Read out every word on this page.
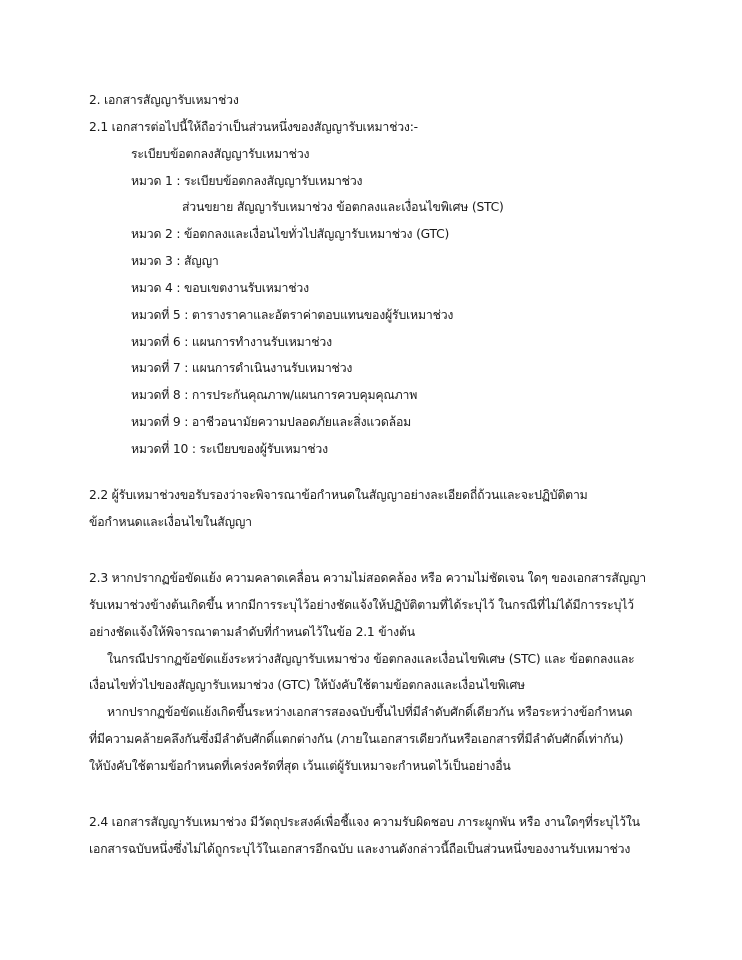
2. เอกสารสัญญารับเหมาช่วง
2.1 เอกสารต่อไปนี้ให้ถือว่าเป็นส่วนหนึ่งของสัญญารับเหมาช่วง:-
ระเบียบข้อตกลงสัญญารับเหมาช่วง
หมวด 1 : ระเบียบข้อตกลงสัญญารับเหมาช่วง
ส่วนขยาย สัญญารับเหมาช่วง ข้อตกลงและเงื่อนไขพิเศษ (STC)
หมวด 2 : ข้อตกลงและเงื่อนไขทั่วไปสัญญารับเหมาช่วง (GTC)
หมวด 3 : สัญญา
หมวด 4 : ขอบเขตงานรับเหมาช่วง
หมวดที่ 5 : ตารางราคาและอัตราค่าตอบแทนของผู้รับเหมาช่วง
หมวดที่ 6 : แผนการทำงานรับเหมาช่วง
หมวดที่ 7 : แผนการดำเนินงานรับเหมาช่วง
หมวดที่ 8 : การประกันคุณภาพ/แผนการควบคุมคุณภาพ
หมวดที่ 9 : อาชีวอนามัยความปลอดภัยและสิ่งแวดล้อม
หมวดที่ 10 : ระเบียบของผู้รับเหมาช่วง
2.2 ผู้รับเหมาช่วงขอรับรองว่าจะพิจารณาข้อกำหนดในสัญญาอย่างละเอียดถี่ถ้วนและจะปฏิบัติตาม
ข้อกำหนดและเงื่อนไขในสัญญา
2.3 หากปรากฏข้อขัดแย้ง ความคลาดเคลื่อน ความไม่สอดคล้อง หรือ ความไม่ชัดเจน ใดๆ ของเอกสารสัญญา
รับเหมาช่วงข้างต้นเกิดขึ้น หากมีการระบุไว้อย่างชัดแจ้งให้ปฏิบัติตามที่ได้ระบุไว้ ในกรณีที่ไม่ได้มีการระบุไว้
อย่างชัดแจ้งให้พิจารณาตามลำดับที่กำหนดไว้ในข้อ 2.1 ข้างต้น
ในกรณีปรากฏข้อขัดแย้งระหว่างสัญญารับเหมาช่วง ข้อตกลงและเงื่อนไขพิเศษ (STC) และ ข้อตกลงและ
เงื่อนไขทั่วไปของสัญญารับเหมาช่วง (GTC) ให้บังคับใช้ตามข้อตกลงและเงื่อนไขพิเศษ
หากปรากฏข้อขัดแย้งเกิดขึ้นระหว่างเอกสารสองฉบับขึ้นไปที่มีลำดับศักดิ์เดียวกัน หรือระหว่างข้อกำหนด
ที่มีความคล้ายคลึงกันซึ่งมีลำดับศักดิ์แตกต่างกัน (ภายในเอกสารเดียวกันหรือเอกสารที่มีลำดับศักดิ์เท่ากัน)
ให้บังคับใช้ตามข้อกำหนดที่เคร่งครัดที่สุด เว้นแต่ผู้รับเหมาจะกำหนดไว้เป็นอย่างอื่น
2.4 เอกสารสัญญารับเหมาช่วง มีวัตถุประสงค์เพื่อชี้แจง ความรับผิดชอบ ภาระผูกพัน หรือ งานใดๆที่ระบุไว้ใน
เอกสารฉบับหนึ่งซึ่งไม่ได้ถูกระบุไว้ในเอกสารอีกฉบับ และงานดังกล่าวนี้ถือเป็นส่วนหนึ่งของงานรับเหมาช่วง
